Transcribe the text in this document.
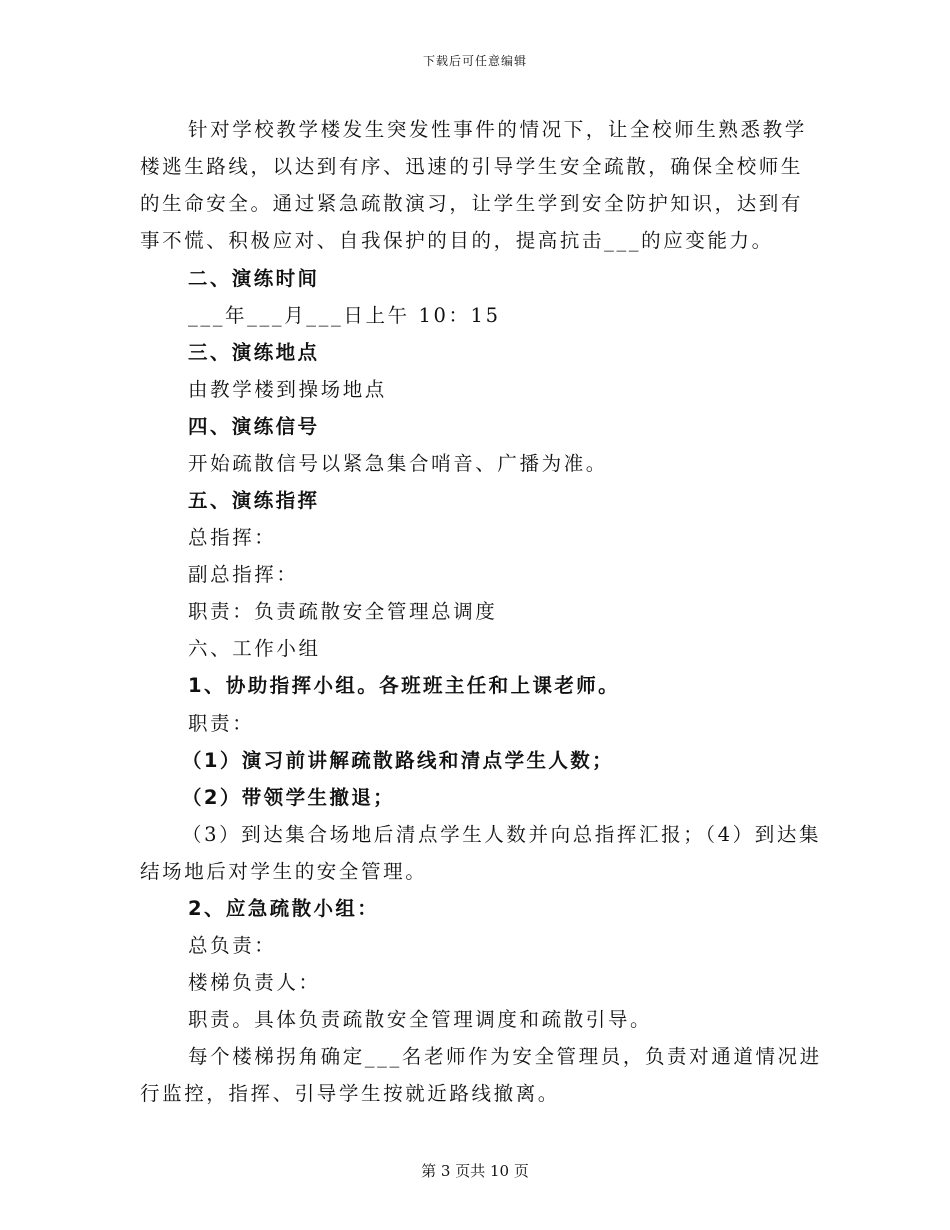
下载后可任意编辑
针对学校教学楼发生突发性事件的情况下，让全校师生熟悉教学
楼逃生路线，以达到有序、迅速的引导学生安全疏散，确保全校师生
的生命安全。通过紧急疏散演习，让学生学到安全防护知识，达到有
事不慌、积极应对、自我保护的目的，提高抗击___的应变能力。
二、演练时间
___年___月___日上午 10：15
三、演练地点
由教学楼到操场地点
四、演练信号
开始疏散信号以紧急集合哨音、广播为准。
五、演练指挥
总指挥：
副总指挥：
职责：负责疏散安全管理总调度
六、工作小组
1、协助指挥小组。各班班主任和上课老师。
职责：
（1）演习前讲解疏散路线和清点学生人数；
（2）带领学生撤退；
（3）到达集合场地后清点学生人数并向总指挥汇报；（4）到达集
结场地后对学生的安全管理。
2、应急疏散小组：
总负责：
楼梯负责人：
职责。具体负责疏散安全管理调度和疏散引导。
每个楼梯拐角确定___名老师作为安全管理员，负责对通道情况进
行监控，指挥、引导学生按就近路线撤离。
第 3 页共 10 页
